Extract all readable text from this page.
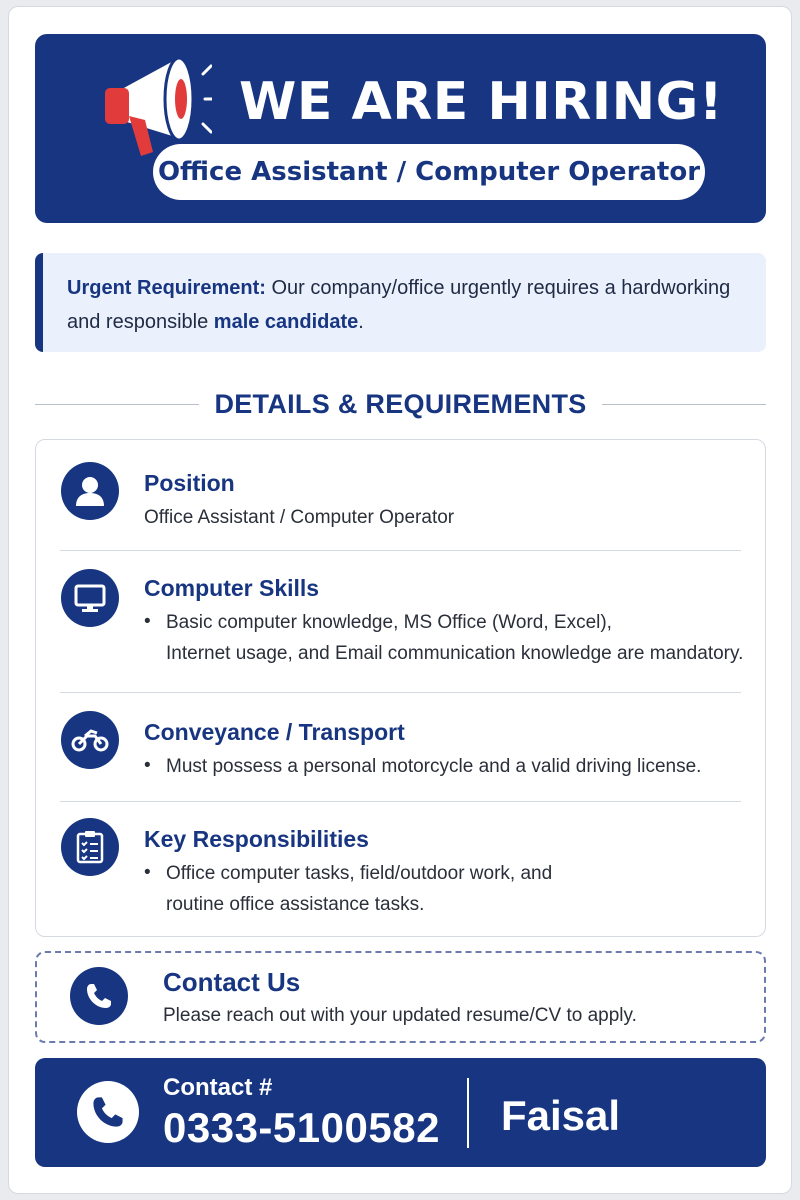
WE ARE HIRING!
Office Assistant / Computer Operator
Urgent Requirement: Our company/office urgently requires a hardworking and responsible male candidate.
DETAILS & REQUIREMENTS
Position
Office Assistant / Computer Operator
Computer Skills
• Basic computer knowledge, MS Office (Word, Excel),
Internet usage, and Email communication knowledge are mandatory.
Conveyance / Transport
• Must possess a personal motorcycle and a valid driving license.
Key Responsibilities
• Office computer tasks, field/outdoor work, and
routine office assistance tasks.
Contact Us
Please reach out with your updated resume/CV to apply.
Contact #
0333-5100582 Faisal
